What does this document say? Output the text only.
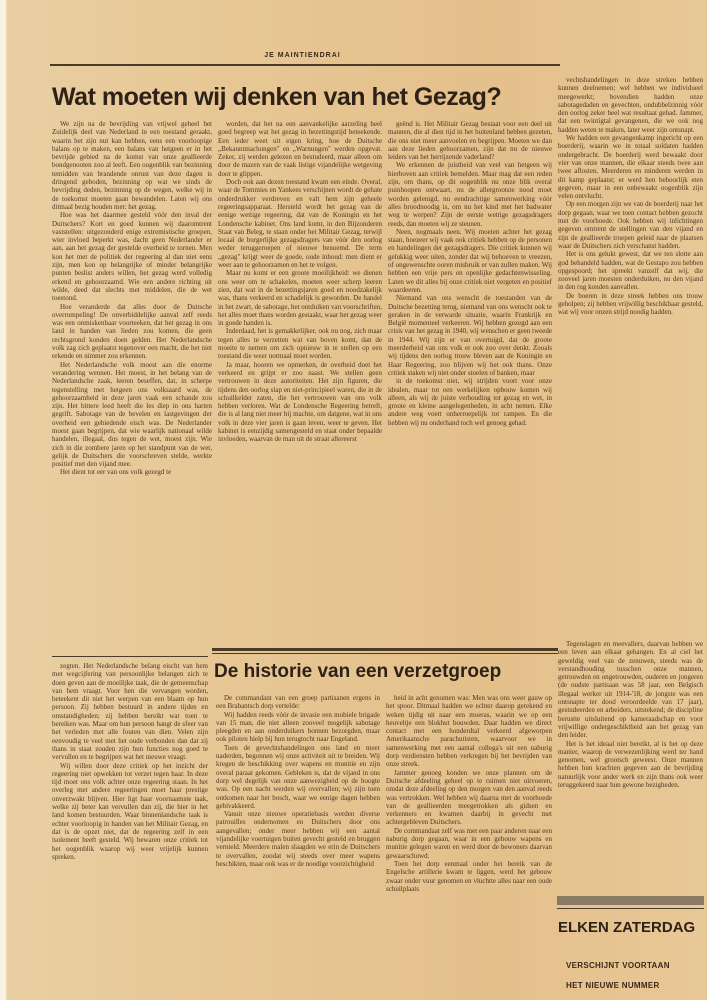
JE MAINTIENDRAI
Wat moeten wij denken van het Gezag?

We zijn na de bevrijding van vrijwel geheel het Zuidelijk deel van Nederland in een toestand geraakt, waarin het zijn nut kan hebben, eens een voorloopige balans op te maken, een balans van hetgeen er in het bevrijde gebied na de komst van onze geallieerde bondgenooten zoo al leeft. Een oogenblik van bezinning temidden van brandende onrust van deze dagen is dringend geboden, bezinning op wat we sinds de bevrijding deden, bezinning op de wegen, welke wij in de toekomst moeten gaan bewandelen. Laten wij ons ditmaal bezig houden met: het gezag.

Hoe was het daarmee gesteld vóór den inval der Duitschers? Kort en goed kunnen wij daaromtrent vaststellen: uitgezonderd enige extremistische groepen, wier invloed beperkt was, dacht geen Nederlander er aan, aan het gezag der gestelde overheid te tornen. Men kon het met de politiek der regeering al dan niet eens zijn, men kon op belangrijke of minder belangrijke punten beslist anders willen, het gezag werd volledig erkend en gehoorzaamd. Wie een andere richting uit wilde, deed dat slechts met middelen, die de wet toestond.

Hoe veranderde dat alles door de Duitsche overrompeling! De onverbiddelijke aanval zelf reeds was een onmiskenbaar voorteeken, dat het gezag in ons land in handen van lieden zou komen, die geen rechtsgrond konden doen gelden. Het Nederlandsche volk zag zich geplaatst tegenover een macht, die het niet erkende en nimmer zou erkennen.

Het Nederlandsche volk moest aan die enorme verandering wennen. Het moest, in het belang van de Nederlandsche zaak, leeren beseffen, dat, in scherpe tegenstelling met hetgeen ons volksaard was, de gehoorzaamheid in deze jaren vaak een schande zou zijn. Het bittere leed heeft die les diep in ons harten gegrift. Sabotage van de bevelen en lastgevingen der overheid een gebiedende eisch was. De Nederlander moest gaan begrijpen, dat wie waarlijk nationaal wilde handelen, illegaal, dus tegen de wet, moest zijn. Wie zich in die zombere jaren op het standpunt van de wet, gelijk de Duitschers die voorschreven stelde, werkte positief met den vijand mee.

Het dient tot eer van ons volk gezegd te

worden, dat het na een aanvankelijke aarzeling heel goed begreep wat het gezag in bezettingstijd beteekende. Een ieder weet uit eigen kring, hoe de Duitsche „Bekanntmachungen" en „Warnungen" werden opgevat. Zeker, zij werden gelezen en bestudeerd, maar alleen om door de mazen van de vaak listige vijandelijke wetgeving door te glippen.

Doch ook aan dezen toestand kwam een einde. Overal, waar de Tommies en Yankees verschijnen wordt de gehate onderdrukker verdreven en valt hem zijn geheele regeeringsapparaat. Hersteld wordt het gezag van de eenige wettige regeering, dat van de Koningin en het Londensche kabinet. Ons land komt, in den Bijzonderen Staat van Beleg, te staan onder het Militair Gezag, terwijl locaal de burgerlijke gezagsdragers van vóór den oorlog weder teruggeroepen of nieuwe benoemd. De term „gezag" krijgt weer de goede, oude inhoud: men dient er weer aan te gehoorzamen en het te volgen.

Maar nu komt er een groote moeilijkheid: we dienen ons weer om te schakelen, moeten weer scherp leeren zien, dat wat in de bezettingsjaren goed en noodzakelijk was, thans verkeerd en schadelijk is geworden. De handel in het zwart, de sabotage, het ontduiken van voorschriften, het alles moet thans worden gestaakt, waar het gezag weer in goede handen is.

Inderdaad, het is gemakkelijker, ook nu nog, zich maar tegen alles te verzetten wat van boven komt, dan de moeite te nemen om zich opnieuw in te stellen op een toestand die weer normaal moet worden.

Ja maar, hooren we opmerken, de overheid doet het verkeerd en grijpt er zoo naast. We stellen geen vertrouwen in deze autoriteiten. Het zijn figuren, die tijdens den oorlog slap en niet-principieel waren, die in de schuilkelder zaten, die het vertrouwen van ons volk hebben verloren. Wat de Londensche Regeering betreft, die is al lang niet meer bij machte, om datgene, wat in ons volk in deze vier jaren is gaan leven, weer te geven. Het kabinet is eenzijdig samengesteld en staat onder bepaalde invloeden, waarvan de man uit de straat allereerst

geënd is. Het Militair Gezag bestaat voor een deel uit mannen, die al dien tijd in het buitenland hebben gezeten, die ons niet meer aanvoelen en begrijpen. Moeten we dan aan deze lieden gehoorzamen, zijn dat nu de nieuwe leiders van het herrijzende vaderland?

We erkennen de juistheid van veel van hetgeen wij hierboven aan critiek bemelden. Maar mag dat een reden zijn, om thans, op dit oogenblik nu onze blik overal puinhoopen ontwaart, nu de allergrootste nood moet worden gelenigd, nu eendrachtige samenwerking vóór alles broodnoodig is, om nu het kind met het badwater weg te werpen? Zijn de eerste wettige gezagsdragers reeds, dan moeten wij ze steunen.

Neen, nogmaals neen. Wij moeten achter het gezag staan, hoezeer wij vaak ook critiek hebben op de personen en handelingen der gezagsdragers. Die critiek kunnen wij gelukkig weer uiten, zonder dat wij behoeven te vreezen, of ongewenschte ooren misbruik er van zullen maken. Wij hebben een vrije pers en openlijke gedachtenwisseling. Laten we dit alles bij onze critiek niet vergeten en positief waardeeren.

Niemand van ons wenscht de toestanden van de Duitsche bezetting terug, niemand van ons wenscht ook te geraken in de verwarde situatie, waarin Frankrijk en België momenteel verkeeren. Wij hebben gezegd aan een crisis van het gezag in 1940, wij wenschen er geen tweede in 1944. Wij zijn er van overtuigd, dat de groote meerderheid van ons volk er ook zoo over denkt. Zooals wij tijdens den oorlog trouw bleven aan de Koningin en Haar Regeering, zoo blijven wij het ook thans. Onze critiek staken wij niet onder stoelen of banken, maar

in de toekomst niet, wij strijden voort voor onze idealen, maar tot een werkelijken opbouw komen wij alleen, als wij de juiste verhouding tot gezag en wet, in groote en kleine aangelegenheden, in acht nemen. Elke andere weg voert onherroepelijk tot rampen. En die hebben wij nu onderhand toch wel genoeg gehad.

zegten. Het Nederlandsche belang eischt van hem met wegcijfering van persoonlijke belangen zich te doen geven aan de moeilijke taak, die de gemeenschap van hem vraagt. Voor hen die vervangen worden, beteekent dit niet het werpen van een blaam op hun persoon. Zij hebben bestuurd in andere tijden en omstandigheden; zij hebben bereikt wat toen te bereiken was. Maar om hun persoon hangt de sfeer van het verleden met alle fouten van dien. Velen zijn eenvoudig te veel met het oude verbonden dan dat zij thans in staat zouden zijn hun functies nog goed te vervullen en te begrijpen wat het nieuwe vraagt.

Wij willen door deze critiek op het inzicht der regeering niet opwekken tot verzet tegen haar. In deze tijd moet ons volk achter onze regeering staan. In het overleg met andere regeeringen moet haar prestige onverzwakt blijven. Hier ligt haar voornaamste taak, welke zij beter kan vervullen dan zij, die hier in het land komen bestuurden. Waar binnenlandsche taak is echter voorloopig in handen van het Militair Gezag, en dat is de opzet niet, dat de regeering zelf in een isolement heeft gesteld. Wij bewaren onze critiek tot het oogenblik waarop wij weer vrijelijk kunnen spreken.

De historie van een verzetgroep

De commandant van een groep partisanen ergens in een Brabantsch dorp vertelde:

Wij hadden reeds vóór de invasie een mobiele brigade van 15 man, die niet alleen zooveel mogelijk sabotage pleegden en aan onderduikers bonnen bezorgden, maar ook piloten hielp bij hun terugtocht naar Engeland.

Toen de gevechtshandelingen ons land en meer naderden, begonnen wij onze activiteit uit te breiden. Wij kregen de beschikking over wapens en munitie en zijn overal paraat gekomen. Gebleken is, dat de vijand in ons dorp wel degelijk van onze aanwezigheid op de hoogte was. Op een nacht werden wij overvallen; wij zijn toen ontkomen naar het bosch, waar we eenige dagen hebben gebivakkeerd.

Vanuit onze nieuwe operatiebasis werden diverse patrouilles ondernomen en Duitschers door ons aangevallen; onder meer hebben wij een aantal vijandelijke voertuigen buiten gevecht gesteld en bruggen vernield. Meerdere malen slaagden we erin de Duitschers te overvallen, zoodat wij steeds over meer wapens beschikten, maar ook was er de noodige voorzichtigheid

heid in acht genomen was: Men was ons weer gauw op het spoor. Ditmaal hadden we echter daarop gerekend en weken tijdig uit naar een moeras, waarin we op een heuveltje een blokhut bouwden. Daar hadden we direct contact met een honderdtal verkeerd afgeworpen Amerikaansche parachutisten, waarvoor we in samenwerking met een aantal collega's uit een naburig dorp verdiensten hebben verkregen bij het bevrijden van onze streek.

Jammer genoeg konden we onze plannen om de Duitsche afdeeling geheel op te ruimen niet uitvoeren, omdat deze afdeeling op den morgen van den aanval reeds was vertrokken. Wel hebben wij daarna met de voorhoede van de geallieerden meegetrokken als gidsen en verkenners en kwamen daarbij in gevecht met achtergebleven Duitschers.

De commandaat zelf was met een paar anderen naar een naburig dorp gegaan, waar in een gebouw wapens en munitie gelegen waren en werd door de bewoners daarvan gewaarschuwd.

Toen het dorp eenmaal onder het bereik van de Engelsche artillerie kwam te liggen, werd het gebouw zwaar onder vuur genomen en vluchtte alles naar een oude schuilplaats

vechtshandelingen in deze streken hebben kunnen deelnemen; wel hebben we individueel meegewerkt; bovendien hadden onze sabotagedaden en gevechten, ondubbelzinnig vóór den oorlog zeker heel wat resultaat gehad. Jammer, dat een twintigtal gevangenen, die we ook nog hadden weten te maken, later weer zijn ontsnapt.

We hadden een gevangenkamp ingericht op een boerderij, waarin we in totaal soldaten hadden ondergebracht. De boerderij werd bewaakt door vier van onze mannen, die elkaar steeds twee aan twee aflosten. Meerderen en minderen werden in dit kamp geplaatst; er werd hen behoorlijk eten gegeven, maar in een onbewaakt oogenblik zijn velen ontvlucht.

Op een morgen zijn we van de boerderij naar het dorp gegaan, waar we toen contact hebben gezocht met de voorhoede. Ook hebben wij inlichtingen gegeven omtrent de stellingen van den vijand en zijn de geallieerde troepen geleid naar de plaatsen waar de Duitschers zich verschanst hadden.

Het is ons gelukt gewest, dat we ten slotte aan god behandeld hadden, wat de Gestapo zou hebben opgespoord; het spreekt vanzelf dat wij, die zooveel jaren moesten onderduiken, nu den vijand in den rug konden aanvallen.

De boeren in deze streek hebben ons trouw geholpen; zij hebben vrijwillig beschikbaar gesteld, wat wij voor onzen strijd noodig hadden.

Tegenslagen en meevallers, daarvan hebben we een leven aan elkaar gehangen. En al ciel het geweldig veel van de zenuwen, steeds was de verstandhouding tusschen onze mannen, getrouwden en ongetrouwden, ouderen en jongeren (de oudste partisaan was 58 jaar, een Belgisch illegaal werker uit 1914-'18, de jongste was een ontsnapte ter dood veroordeelde van 17 jaar), gestudeerden en arbeiders, uitstekend; de discipline berustte uitsluitend op kameraadschap en voor vrijwillige ondergeschiktheid aan het gezag van den leider.

Het is het ideaal niet bereikt, al is het op deze manier, waarop de verwezenlijking werd ter hand genomen, wel grootsch geweest. Onze mannen hebben hun krachten gegeven aan de bevrijding natuurlijk voor ander werk en zijn thans ook weer teruggekeerd naar hun gewone bezigheden.

ELKEN ZATERDAG
VERSCHIJNT VOORTAAN
HET NIEUWE NUMMER
